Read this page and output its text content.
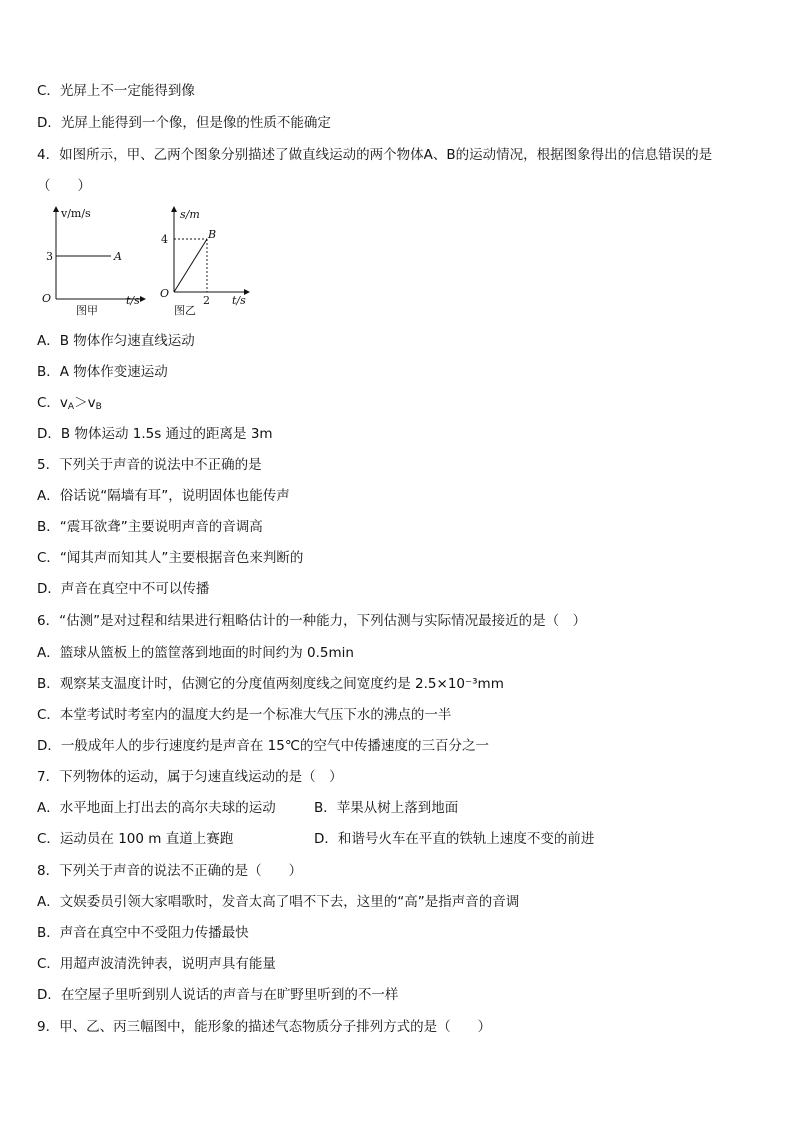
C．光屏上不一定能得到像
D．光屏上能得到一个像，但是像的性质不能确定
4．如图所示，甲、乙两个图象分别描述了做直线运动的两个物体A、B的运动情况，根据图象得出的信息错误的是
（　　）
v/m/s
3	A
O	t/s
图甲
s/m
4	B
O
2 t/s
图乙
A．B 物体作匀速直线运动
B．A 物体作变速运动
C．$v_A>v_B$
D．B 物体运动 1.5s 通过的距离是 3m
5．下列关于声音的说法中不正确的是
A．俗话说“隔墙有耳”，说明固体也能传声
B．“震耳欲聋”主要说明声音的音调高
C．“闻其声而知其人”主要根据音色来判断的
D．声音在真空中不可以传播
6．“估测”是对过程和结果进行粗略估计的一种能力，下列估测与实际情况最接近的是（　）
A．篮球从篮板上的篮筐落到地面的时间约为 0.5min
B．观察某支温度计时，估测它的分度值两刻度线之间宽度约是 2.5×10⁻³mm
C．本堂考试时考室内的温度大约是一个标准大气压下水的沸点的一半
D．一般成年人的步行速度约是声音在 15℃的空气中传播速度的三百分之一
7．下列物体的运动，属于匀速直线运动的是（　）
A．水平地面上打出去的高尔夫球的运动	B．苹果从树上落到地面
C．运动员在 100 m 直道上赛跑	D．和谐号火车在平直的铁轨上速度不变的前进
8．下列关于声音的说法不正确的是（　　）
A．文娱委员引领大家唱歌时，发音太高了唱不下去，这里的“高”是指声音的音调
B．声音在真空中不受阻力传播最快
C．用超声波清洗钟表，说明声具有能量
D．在空屋子里听到别人说话的声音与在旷野里听到的不一样
9．甲、乙、丙三幅图中，能形象的描述气态物质分子排列方式的是（　　）
